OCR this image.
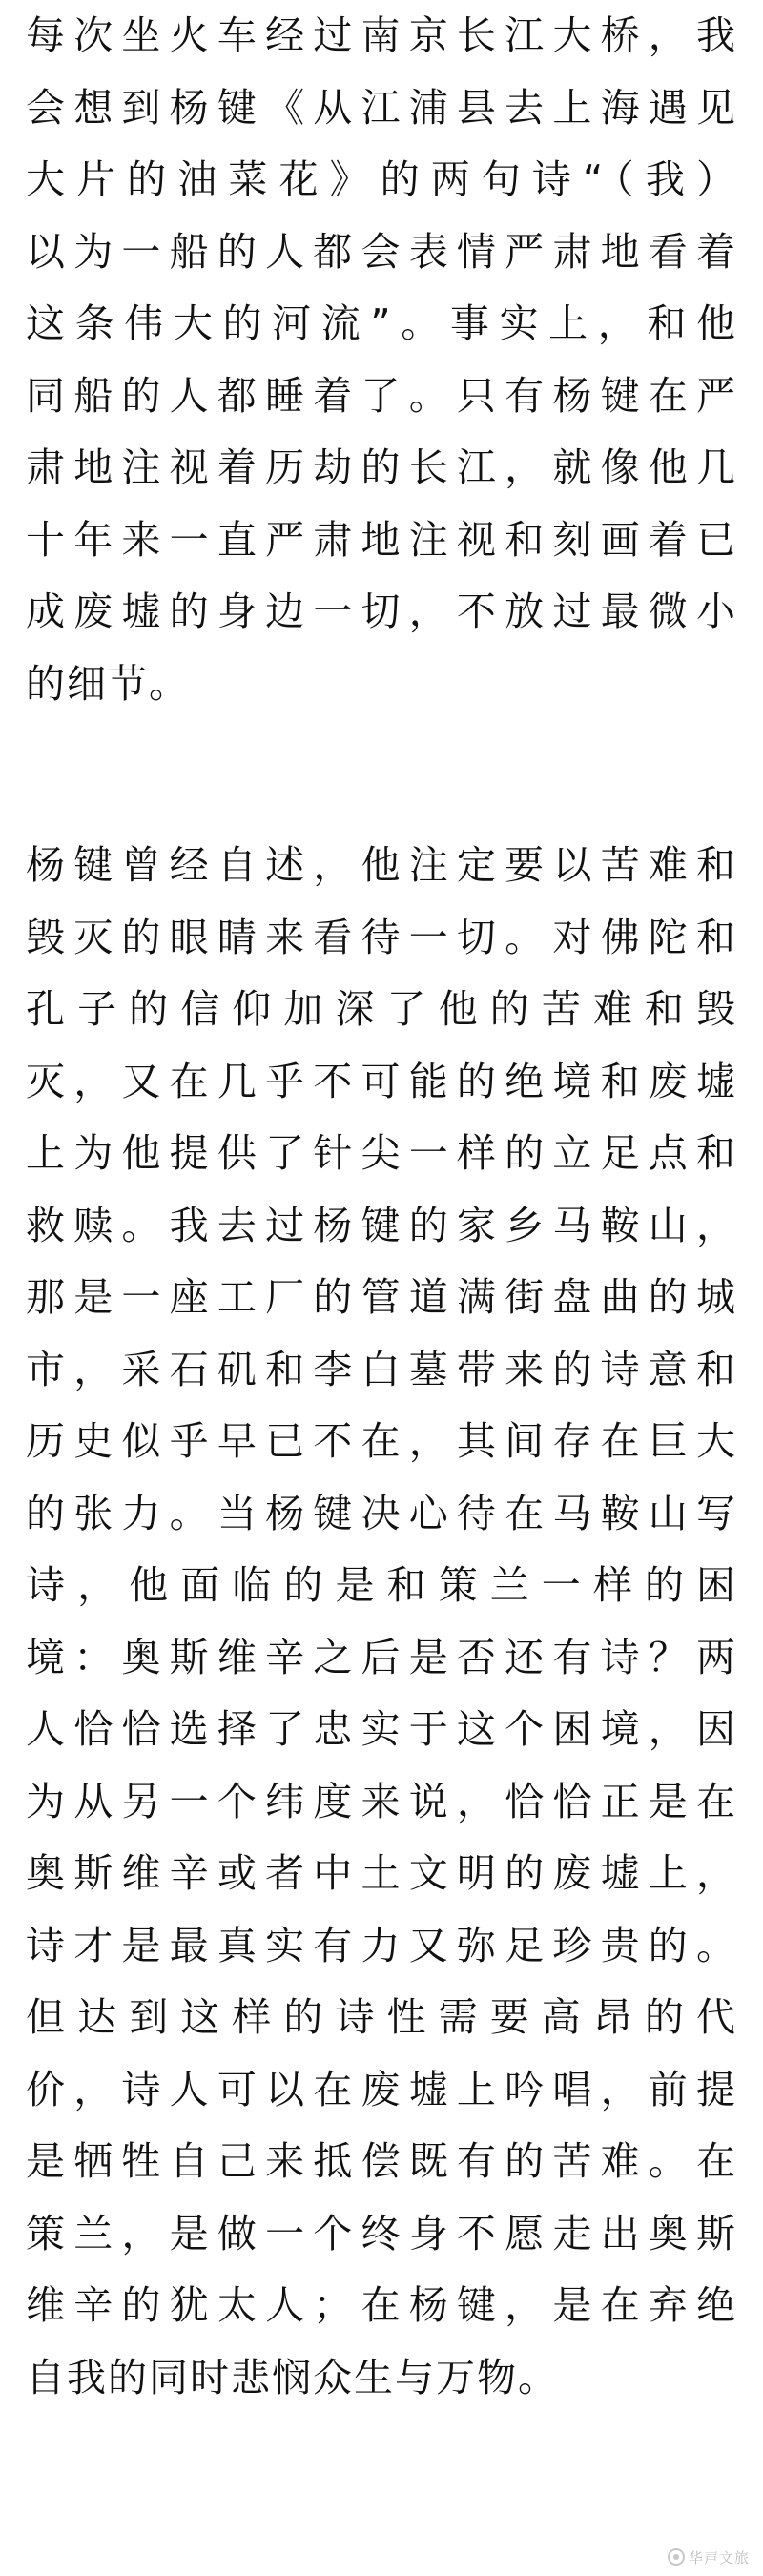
每次坐火车经过南京长江大桥，我
会想到杨键《从江浦县去上海遇见
大片的油菜花》的两句诗“（我）
以为一船的人都会表情严肃地看着
这条伟大的河流”。事实上，和他
同船的人都睡着了。只有杨键在严
肃地注视着历劫的长江，就像他几
十年来一直严肃地注视和刻画着已
成废墟的身边一切，不放过最微小
的细节。

杨键曾经自述，他注定要以苦难和
毁灭的眼睛来看待一切。对佛陀和
孔子的信仰加深了他的苦难和毁
灭，又在几乎不可能的绝境和废墟
上为他提供了针尖一样的立足点和
救赎。我去过杨键的家乡马鞍山，
那是一座工厂的管道满街盘曲的城
市，采石矶和李白墓带来的诗意和
历史似乎早已不在，其间存在巨大
的张力。当杨键决心待在马鞍山写
诗，他面临的是和策兰一样的困
境：奥斯维辛之后是否还有诗？两
人恰恰选择了忠实于这个困境，因
为从另一个纬度来说，恰恰正是在
奥斯维辛或者中土文明的废墟上，
诗才是最真实有力又弥足珍贵的。
但达到这样的诗性需要高昂的代
价，诗人可以在废墟上吟唱，前提
是牺牲自己来抵偿既有的苦难。在
策兰，是做一个终身不愿走出奥斯
维辛的犹太人；在杨键，是在弃绝
自我的同时悲悯众生与万物。

华声文旅
